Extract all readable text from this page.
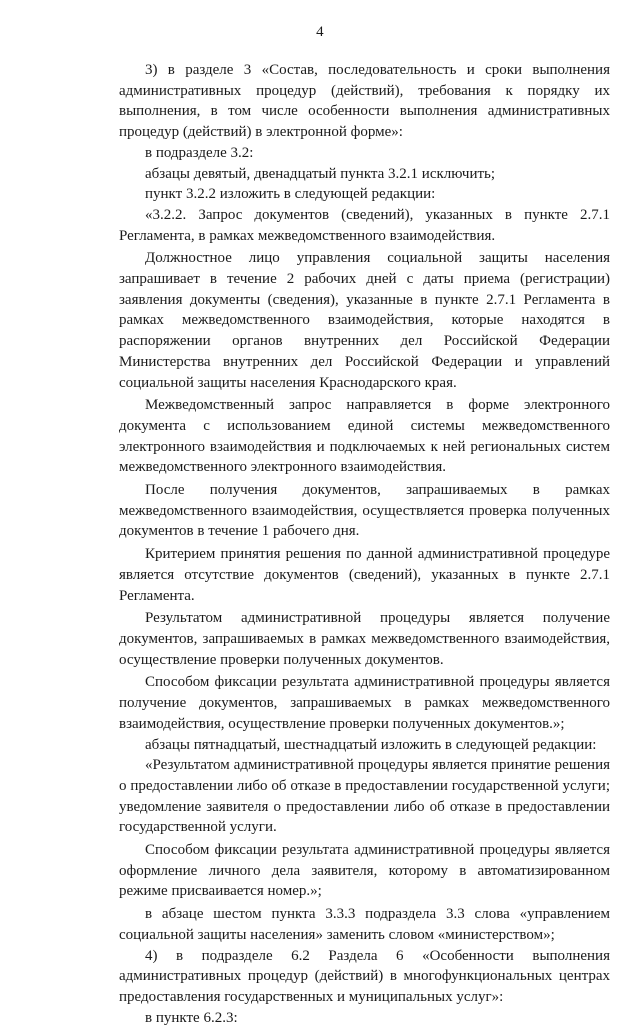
4

3) в разделе 3 «Состав, последовательность и сроки выполнения административных процедур (действий), требования к порядку их выполнения, в том числе особенности выполнения административных процедур (действий) в электронной форме»:

в подразделе 3.2:

абзацы девятый, двенадцатый пункта 3.2.1 исключить;

пункт 3.2.2 изложить в следующей редакции:

«3.2.2. Запрос документов (сведений), указанных в пункте 2.7.1 Регламента, в рамках межведомственного взаимодействия.

Должностное лицо управления социальной защиты населения запрашивает в течение 2 рабочих дней с даты приема (регистрации) заявления документы (сведения), указанные в пункте 2.7.1 Регламента в рамках межведомственного взаимодействия, которые находятся в распоряжении органов внутренних дел Российской Федерации Министерства внутренних дел Российской Федерации и управлений социальной защиты населения Краснодарского края.

Межведомственный запрос направляется в форме электронного документа с использованием единой системы межведомственного электронного взаимодействия и подключаемых к ней региональных систем межведомственного электронного взаимодействия.

После получения документов, запрашиваемых в рамках межведомственного взаимодействия, осуществляется проверка полученных документов в течение 1 рабочего дня.

Критерием принятия решения по данной административной процедуре является отсутствие документов (сведений), указанных в пункте 2.7.1 Регламента.

Результатом административной процедуры является получение документов, запрашиваемых в рамках межведомственного взаимодействия, осуществление проверки полученных документов.

Способом фиксации результата административной процедуры является получение документов, запрашиваемых в рамках межведомственного взаимодействия, осуществление проверки полученных документов.»;

абзацы пятнадцатый, шестнадцатый изложить в следующей редакции:

«Результатом административной процедуры является принятие решения о предоставлении либо об отказе в предоставлении государственной услуги; уведомление заявителя о предоставлении либо об отказе в предоставлении государственной услуги.

Способом фиксации результата административной процедуры является оформление личного дела заявителя, которому в автоматизированном режиме присваивается номер.»;

в абзаце шестом пункта 3.3.3 подраздела 3.3 слова «управлением социальной защиты населения» заменить словом «министерством»;

4) в подразделе 6.2 Раздела 6 «Особенности выполнения административных процедур (действий) в многофункциональных центрах предоставления государственных и муниципальных услуг»:

в пункте 6.2.3:
